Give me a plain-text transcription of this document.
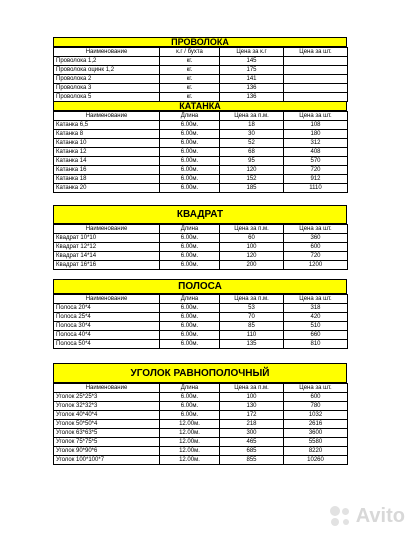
ПРОВОЛОКА
Наименование	к.г / бухта	Цена за к.г	Цена за шт.
Проволока 1,2	кг.	145	
Проволока оцинк 1,2	кг.	175	
Проволока 2	кг.	141	
Проволока 3	кг.	136	
Проволока 5	кг.	136	
КАТАНКА
Наименование	Длина	Цена за п.м.	Цена за шт.
Катанка 6,5	6.00м.	18	108
Катанка 8	6.00м.	30	180
Катанка 10	6.00м.	52	312
Катанка 12	6.00м.	68	408
Катанка 14	6.00м.	95	570
Катанка 16	6.00м.	120	720
Катанка 18	6.00м.	152	912
Катанка 20	6.00м.	185	1110
КВАДРАТ
Наименование	Длина	Цена за п.м.	Цена за шт.
Квадрат 10*10	6.00м.	60	360
Квадрат 12*12	6.00м.	100	600
Квадрат 14*14	6.00м.	120	720
Квадрат 16*16	6.00м.	200	1200
ПОЛОСА
Наименование	Длина	Цена за п.м.	Цена за шт.
Полоса 20*4	6.00м.	53	318
Полоса 25*4	6.00м.	70	420
Полоса 30*4	6.00м.	85	510
Полоса 40*4	6.00м.	110	660
Полоса 50*4	6.00м.	135	810
УГОЛОК РАВНОПОЛОЧНЫЙ
Наименование	Длина	Цена за п.м.	Цена за шт.
Уголок 25*25*3	6.00м.	100	600
Уголок 32*32*3	6.00м.	130	780
Уголок 40*40*4	6.00м.	172	1032
Уголок 50*50*4	12.00м.	218	2616
Уголок 63*63*5	12.00м.	300	3600
Уголок 75*75*5	12.00м.	465	5580
Уголок 90*90*6	12.00м.	685	8220
Уголок 100*100*7	12.00м.	855	10260
Avito
